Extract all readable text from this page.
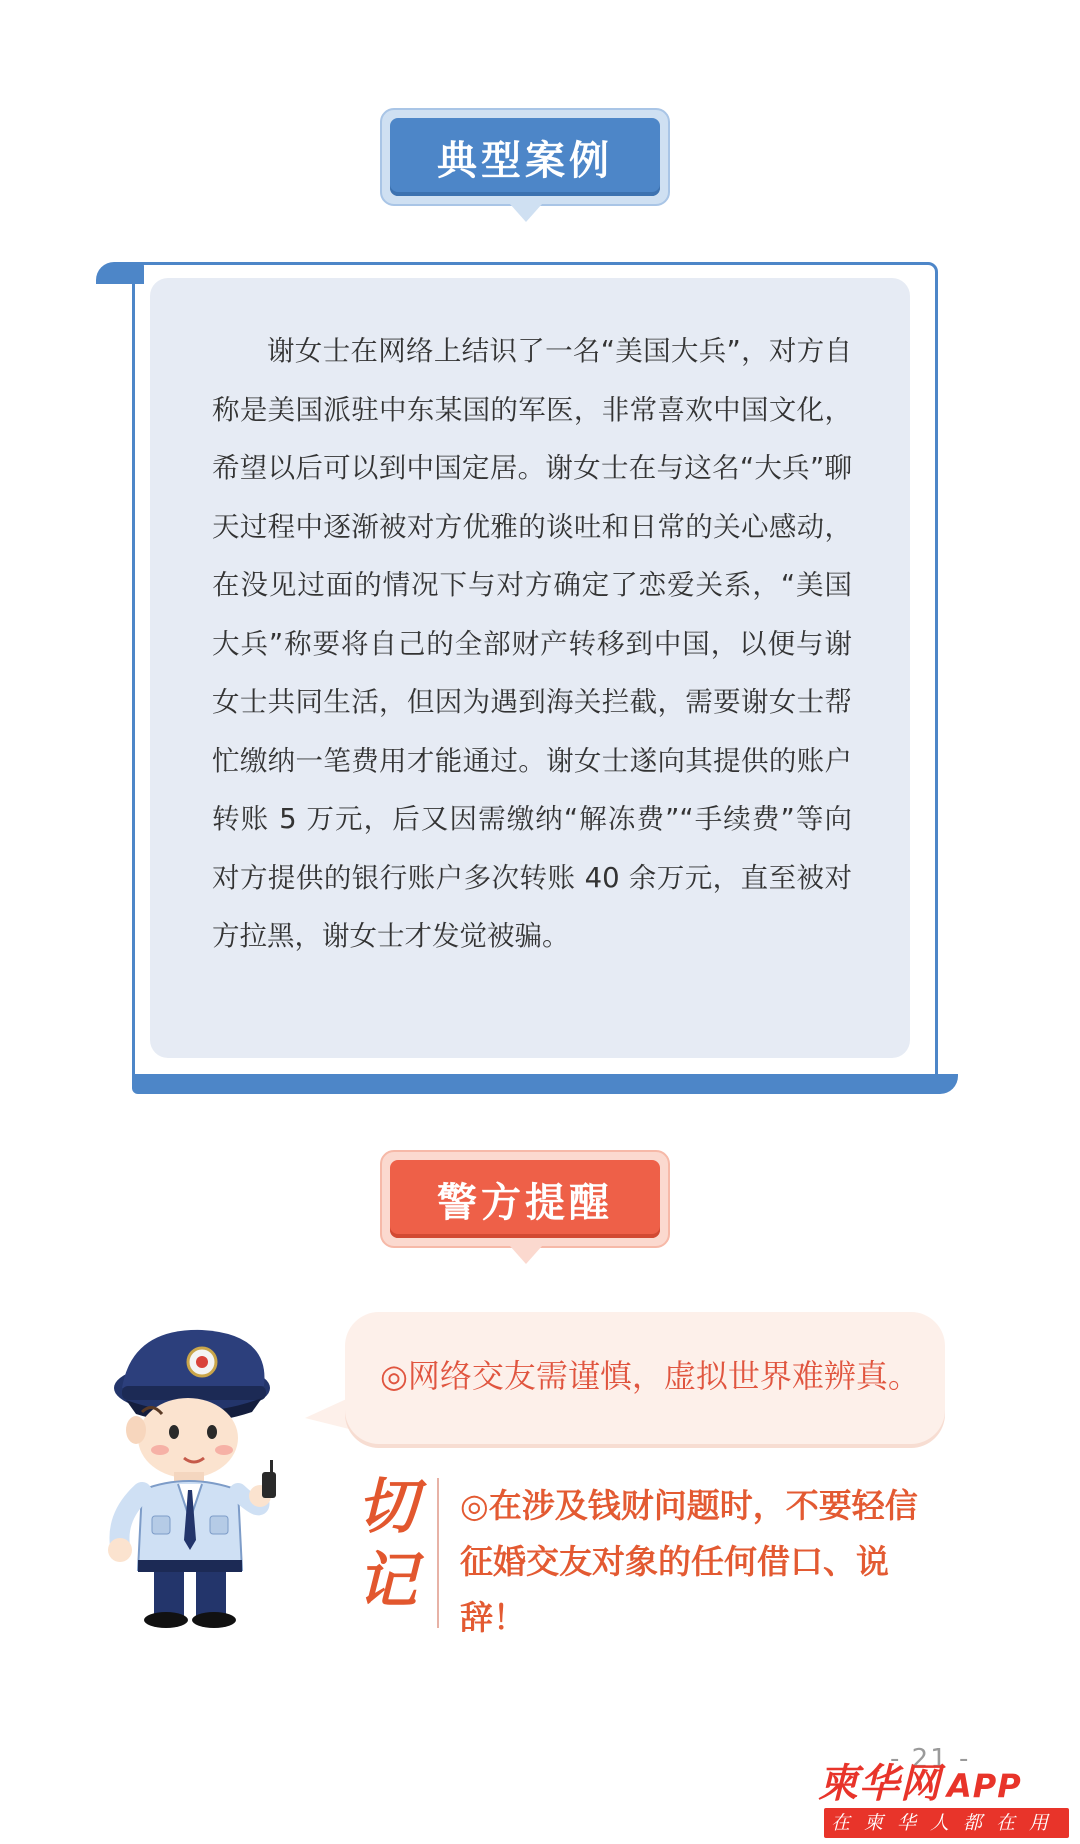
典型案例

谢女士在网络上结识了一名“美国大兵”，对方自称是美国派驻中东某国的军医，非常喜欢中国文化，希望以后可以到中国定居。谢女士在与这名“大兵”聊天过程中逐渐被对方优雅的谈吐和日常的关心感动，在没见过面的情况下与对方确定了恋爱关系，“美国大兵”称要将自己的全部财产转移到中国，以便与谢女士共同生活，但因为遇到海关拦截，需要谢女士帮忙缴纳一笔费用才能通过。谢女士遂向其提供的账户转账 5 万元，后又因需缴纳“解冻费”“手续费”等向对方提供的银行账户多次转账 40 余万元，直至被对方拉黑，谢女士才发觉被骗。

警方提醒
◎网络交友需谨慎，虚拟世界难辨真。
切
记

◎在涉及钱财问题时，不要轻信征婚交友对象的任何借口、说辞！

- 21 -
柬华网 APP
在柬华人都在用
